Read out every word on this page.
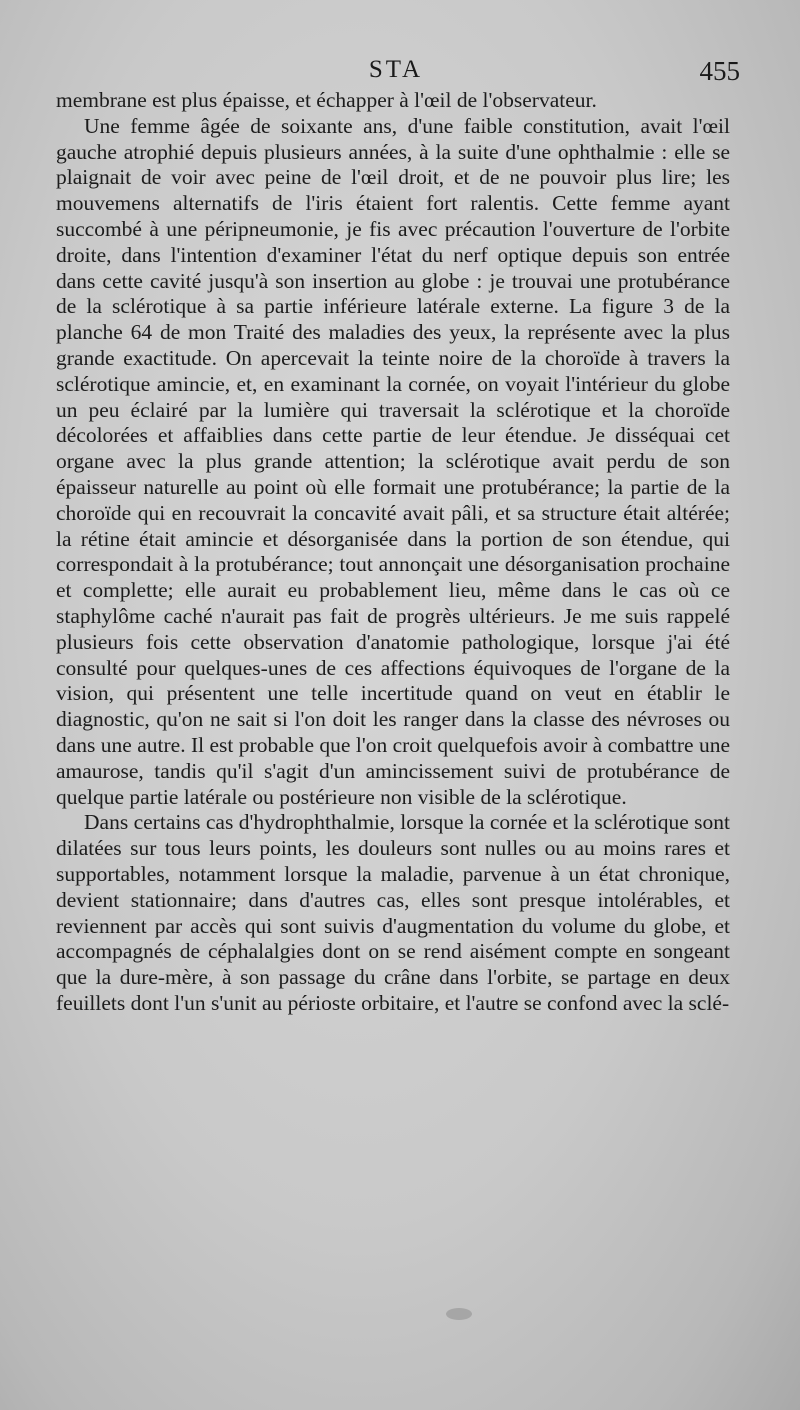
STA	455

membrane est plus épaisse, et échapper à l'œil de l'observateur.

Une femme âgée de soixante ans, d'une faible constitution, avait l'œil gauche atrophié depuis plusieurs années, à la suite d'une ophthalmie : elle se plaignait de voir avec peine de l'œil droit, et de ne pouvoir plus lire; les mouvemens alternatifs de l'iris étaient fort ralentis. Cette femme ayant succombé à une péripneumonie, je fis avec précaution l'ouverture de l'orbite droite, dans l'intention d'examiner l'état du nerf optique depuis son entrée dans cette cavité jusqu'à son insertion au globe : je trouvai une protubérance de la sclérotique à sa partie inférieure latérale externe. La figure 3 de la planche 64 de mon Traité des maladies des yeux, la représente avec la plus grande exactitude. On apercevait la teinte noire de la choroïde à travers la sclérotique amincie, et, en examinant la cornée, on voyait l'intérieur du globe un peu éclairé par la lumière qui traversait la sclérotique et la choroïde décolorées et affaiblies dans cette partie de leur étendue. Je disséquai cet organe avec la plus grande attention; la sclérotique avait perdu de son épaisseur naturelle au point où elle formait une protubérance; la partie de la choroïde qui en recouvrait la concavité avait pâli, et sa structure était altérée; la rétine était amincie et désorganisée dans la portion de son étendue, qui correspondait à la protubérance; tout annonçait une désorganisation prochaine et complette; elle aurait eu probablement lieu, même dans le cas où ce staphylôme caché n'aurait pas fait de progrès ultérieurs. Je me suis rappelé plusieurs fois cette observation d'anatomie pathologique, lorsque j'ai été consulté pour quelques-unes de ces affections équivoques de l'organe de la vision, qui présentent une telle incertitude quand on veut en établir le diagnostic, qu'on ne sait si l'on doit les ranger dans la classe des névroses ou dans une autre. Il est probable que l'on croit quelquefois avoir à combattre une amaurose, tandis qu'il s'agit d'un amincissement suivi de protubérance de quelque partie latérale ou postérieure non visible de la sclérotique.

Dans certains cas d'hydrophthalmie, lorsque la cornée et la sclérotique sont dilatées sur tous leurs points, les douleurs sont nulles ou au moins rares et supportables, notamment lorsque la maladie, parvenue à un état chronique, devient stationnaire; dans d'autres cas, elles sont presque intolérables, et reviennent par accès qui sont suivis d'augmentation du volume du globe, et accompagnés de céphalalgies dont on se rend aisément compte en songeant que la dure-mère, à son passage du crâne dans l'orbite, se partage en deux feuillets dont l'un s'unit au périoste orbitaire, et l'autre se confond avec la sclé-
